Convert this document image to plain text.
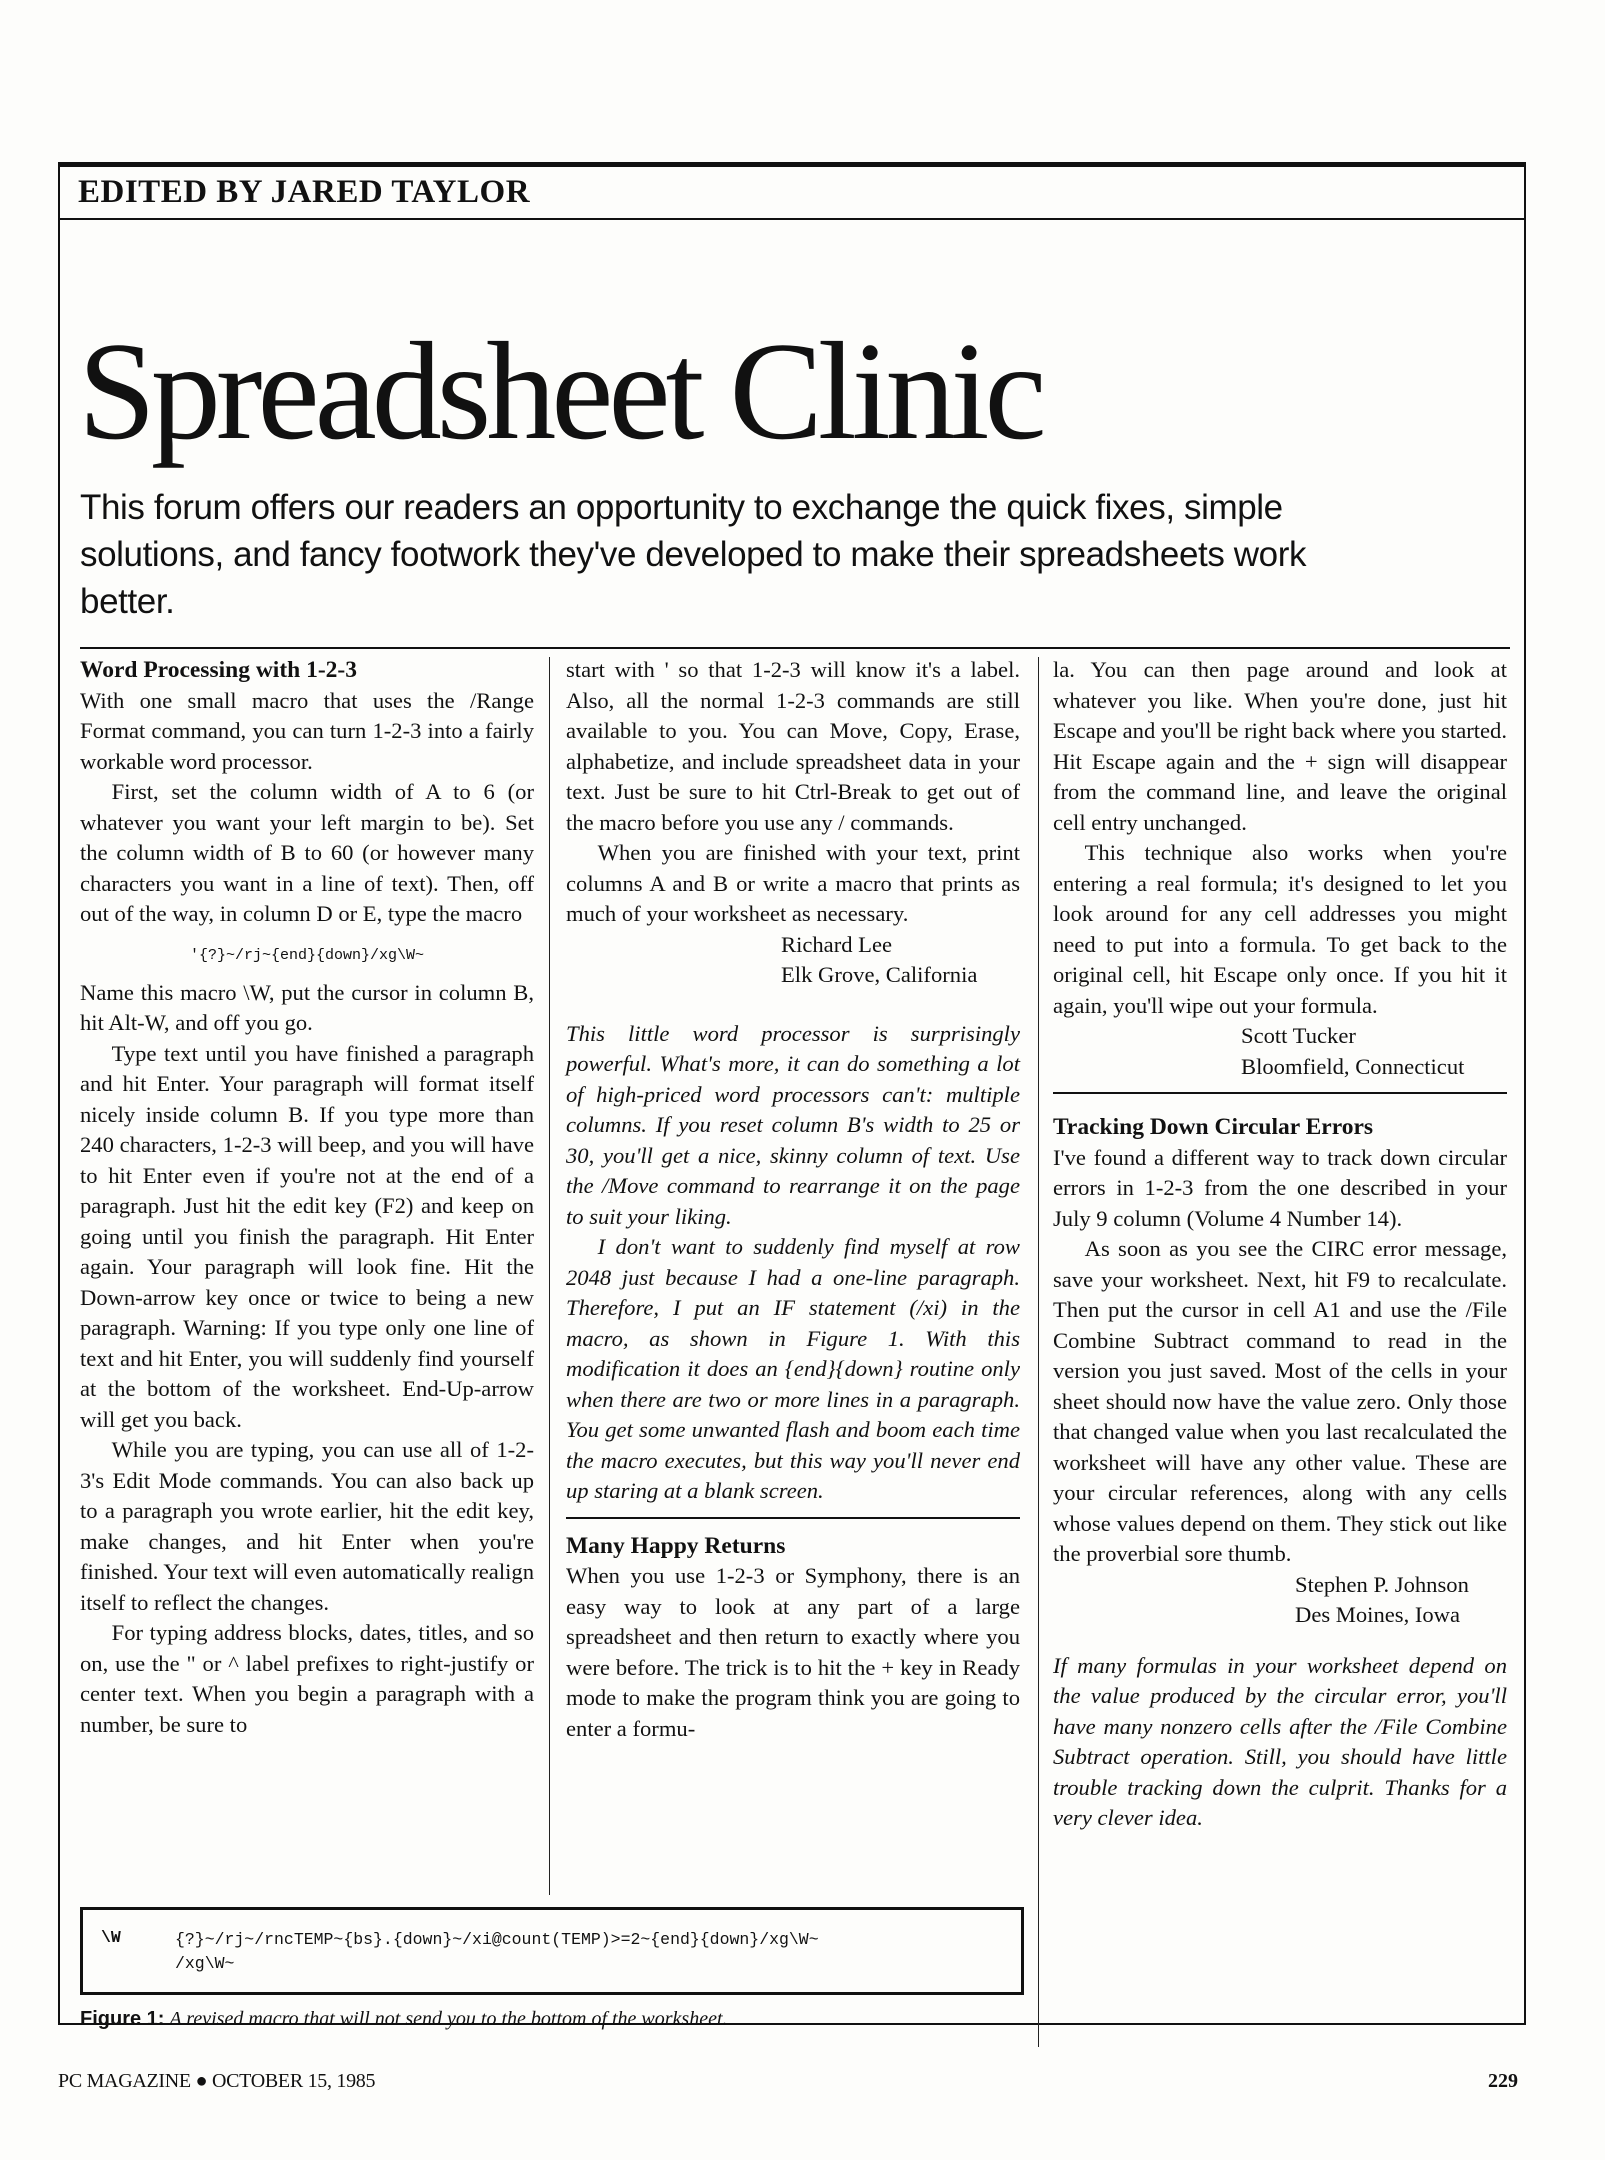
EDITED BY JARED TAYLOR
Spreadsheet Clinic

This forum offers our readers an opportunity to exchange the quick fixes, simple solutions, and fancy footwork they've developed to make their spreadsheets work better.

Word Processing with 1-2-3

With one small macro that uses the /Range Format command, you can turn 1-2-3 into a fairly workable word processor.

First, set the column width of A to 6 (or whatever you want your left margin to be). Set the column width of B to 60 (or however many characters you want in a line of text). Then, off out of the way, in column D or E, type the macro

'{?}~/rj~{end}{down}/xg\W~

Name this macro \W, put the cursor in column B, hit Alt-W, and off you go.

Type text until you have finished a paragraph and hit Enter. Your paragraph will format itself nicely inside column B. If you type more than 240 characters, 1-2-3 will beep, and you will have to hit Enter even if you're not at the end of a paragraph. Just hit the edit key (F2) and keep on going until you finish the paragraph. Hit Enter again. Your paragraph will look fine. Hit the Down-arrow key once or twice to being a new paragraph. Warning: If you type only one line of text and hit Enter, you will suddenly find yourself at the bottom of the worksheet. End-Up-arrow will get you back.

While you are typing, you can use all of 1-2-3's Edit Mode commands. You can also back up to a paragraph you wrote earlier, hit the edit key, make changes, and hit Enter when you're finished. Your text will even automatically realign itself to reflect the changes.

For typing address blocks, dates, titles, and so on, use the " or ^ label prefixes to right-justify or center text. When you begin a paragraph with a number, be sure to

start with ' so that 1-2-3 will know it's a label. Also, all the normal 1-2-3 commands are still available to you. You can Move, Copy, Erase, alphabetize, and include spreadsheet data in your text. Just be sure to hit Ctrl-Break to get out of the macro before you use any / commands.

When you are finished with your text, print columns A and B or write a macro that prints as much of your worksheet as necessary.

Richard Lee
Elk Grove, California

This little word processor is surprisingly powerful. What's more, it can do something a lot of high-priced word processors can't: multiple columns. If you reset column B's width to 25 or 30, you'll get a nice, skinny column of text. Use the /Move command to rearrange it on the page to suit your liking.

I don't want to suddenly find myself at row 2048 just because I had a one-line paragraph. Therefore, I put an IF statement (/xi) in the macro, as shown in Figure 1. With this modification it does an {end}{down} routine only when there are two or more lines in a paragraph. You get some unwanted flash and boom each time the macro executes, but this way you'll never end up staring at a blank screen.

Many Happy Returns

When you use 1-2-3 or Symphony, there is an easy way to look at any part of a large spreadsheet and then return to exactly where you were before. The trick is to hit the + key in Ready mode to make the program think you are going to enter a formu-

la. You can then page around and look at whatever you like. When you're done, just hit Escape and you'll be right back where you started. Hit Escape again and the + sign will disappear from the command line, and leave the original cell entry unchanged.

This technique also works when you're entering a real formula; it's designed to let you look around for any cell addresses you might need to put into a formula. To get back to the original cell, hit Escape only once. If you hit it again, you'll wipe out your formula.

Scott Tucker
Bloomfield, Connecticut

Tracking Down Circular Errors

I've found a different way to track down circular errors in 1-2-3 from the one described in your July 9 column (Volume 4 Number 14).

As soon as you see the CIRC error message, save your worksheet. Next, hit F9 to recalculate. Then put the cursor in cell A1 and use the /File Combine Subtract command to read in the version you just saved. Most of the cells in your sheet should now have the value zero. Only those that changed value when you last recalculated the worksheet will have any other value. These are your circular references, along with any cells whose values depend on them. They stick out like the proverbial sore thumb.

Stephen P. Johnson
Des Moines, Iowa

If many formulas in your worksheet depend on the value produced by the circular error, you'll have many nonzero cells after the /File Combine Subtract operation. Still, you should have little trouble tracking down the culprit. Thanks for a very clever idea.

\W	{?}~/rj~/rncTEMP~{bs}.{down}~/xi@count(TEMP)>=2~{end}{down}/xg\W~
/xg\W~
Figure 1: A revised macro that will not send you to the bottom of the worksheet.
PC MAGAZINE ● OCTOBER 15, 1985	229
